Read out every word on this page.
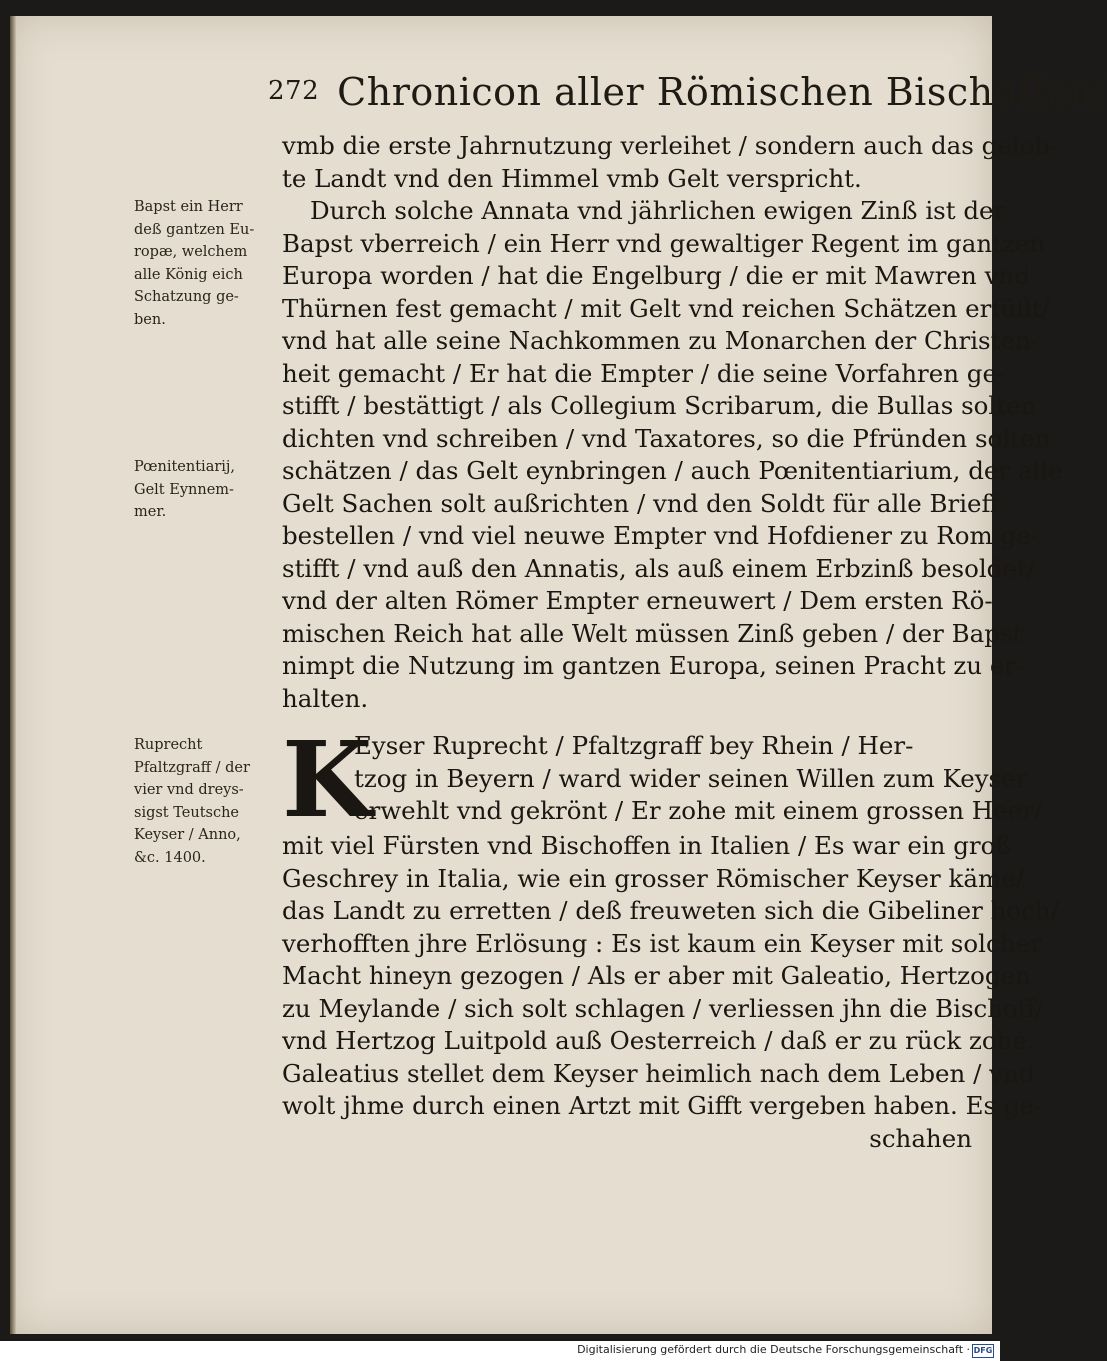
272 Chronicon aller Römischen Bischoffen/
Bapst ein Herr
deß gantzen Eu-
ropæ, welchem
alle König eich
Schatzung ge-
ben.
Pœnitentiarij,
Gelt Eynnem-
mer.
Ruprecht
Pfaltzgraff / der
vier vnd dreys-
sigst Teutsche
Keyser / Anno,
&c. 1400.
vmb die erste Jahrnutzung verleihet / sondern auch das gelob-
te Landt vnd den Himmel vmb Gelt verspricht.
Durch solche Annata vnd jährlichen ewigen Zinß ist der
Bapst vberreich / ein Herr vnd gewaltiger Regent im gantzen
Europa worden / hat die Engelburg / die er mit Mawren vnd
Thürnen fest gemacht / mit Gelt vnd reichen Schätzen erfüllt/
vnd hat alle seine Nachkommen zu Monarchen der Christen-
heit gemacht / Er hat die Empter / die seine Vorfahren ge-
stifft / bestättigt / als Collegium Scribarum, die Bullas solten
dichten vnd schreiben / vnd Taxatores, so die Pfründen solten
schätzen / das Gelt eynbringen / auch Pœnitentiarium, der alle
Gelt Sachen solt außrichten / vnd den Soldt für alle Brieff
bestellen / vnd viel neuwe Empter vnd Hofdiener zu Rom ge-
stifft / vnd auß den Annatis, als auß einem Erbzinß besoldet/
vnd der alten Römer Empter erneuwert / Dem ersten Rö-
mischen Reich hat alle Welt müssen Zinß geben / der Bapst
nimpt die Nutzung im gantzen Europa, seinen Pracht zu er-
halten.
K
Eyser Ruprecht / Pfaltzgraff bey Rhein / Her-
tzog in Beyern / ward wider seinen Willen zum Keyser
erwehlt vnd gekrönt / Er zohe mit einem grossen Heer/
mit viel Fürsten vnd Bischoffen in Italien / Es war ein groß
Geschrey in Italia, wie ein grosser Römischer Keyser käme/
das Landt zu erretten / deß freuweten sich die Gibeliner hoch/
verhofften jhre Erlösung : Es ist kaum ein Keyser mit solcher
Macht hineyn gezogen / Als er aber mit Galeatio, Hertzogen
zu Meylande / sich solt schlagen / verliessen jhn die Bischoff/
vnd Hertzog Luitpold auß Oesterreich / daß er zu rück zohe.
Galeatius stellet dem Keyser heimlich nach dem Leben / vnd
wolt jhme durch einen Artzt mit Gifft vergeben haben. Es ge-
schahen
Digitalisierung gefördert durch die Deutsche Forschungsgemeinschaft · DFG
